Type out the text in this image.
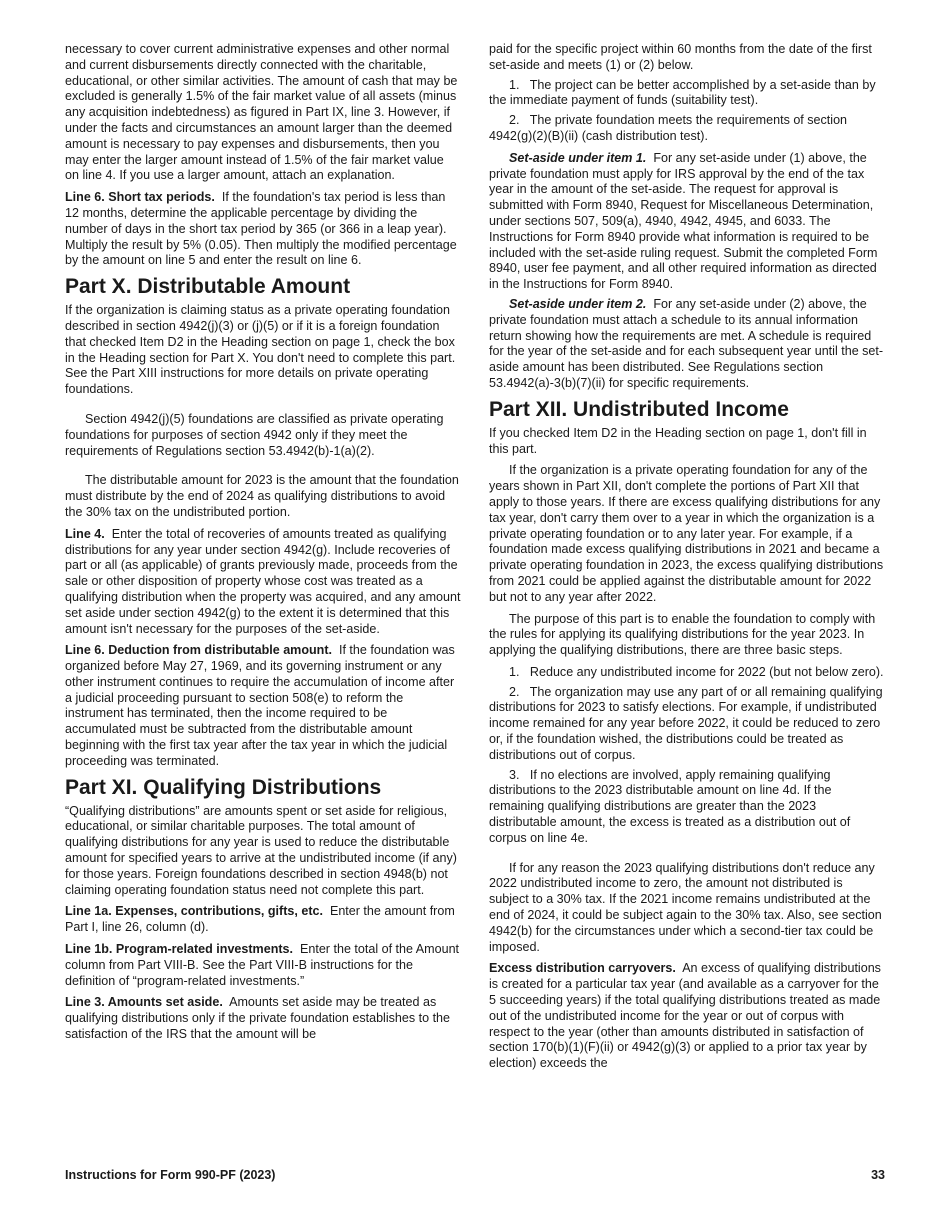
necessary to cover current administrative expenses and other normal and current disbursements directly connected with the charitable, educational, or other similar activities. The amount of cash that may be excluded is generally 1.5% of the fair market value of all assets (minus any acquisition indebtedness) as figured in Part IX, line 3. However, if under the facts and circumstances an amount larger than the deemed amount is necessary to pay expenses and disbursements, then you may enter the larger amount instead of 1.5% of the fair market value on line 4. If you use a larger amount, attach an explanation.

Line 6. Short tax periods. If the foundation's tax period is less than 12 months, determine the applicable percentage by dividing the number of days in the short tax period by 365 (or 366 in a leap year). Multiply the result by 5% (0.05). Then multiply the modified percentage by the amount on line 5 and enter the result on line 6.

Part X. Distributable Amount

If the organization is claiming status as a private operating foundation described in section 4942(j)(3) or (j)(5) or if it is a foreign foundation that checked Item D2 in the Heading section on page 1, check the box in the Heading section for Part X. You don't need to complete this part. See the Part XIII instructions for more details on private operating foundations.

Section 4942(j)(5) foundations are classified as private operating foundations for purposes of section 4942 only if they meet the requirements of Regulations section 53.4942(b)-1(a)(2).

The distributable amount for 2023 is the amount that the foundation must distribute by the end of 2024 as qualifying distributions to avoid the 30% tax on the undistributed portion.

Line 4. Enter the total of recoveries of amounts treated as qualifying distributions for any year under section 4942(g). Include recoveries of part or all (as applicable) of grants previously made, proceeds from the sale or other disposition of property whose cost was treated as a qualifying distribution when the property was acquired, and any amount set aside under section 4942(g) to the extent it is determined that this amount isn't necessary for the purposes of the set-aside.

Line 6. Deduction from distributable amount. If the foundation was organized before May 27, 1969, and its governing instrument or any other instrument continues to require the accumulation of income after a judicial proceeding pursuant to section 508(e) to reform the instrument has terminated, then the income required to be accumulated must be subtracted from the distributable amount beginning with the first tax year after the tax year in which the judicial proceeding was terminated.

Part XI. Qualifying Distributions

“Qualifying distributions” are amounts spent or set aside for religious, educational, or similar charitable purposes. The total amount of qualifying distributions for any year is used to reduce the distributable amount for specified years to arrive at the undistributed income (if any) for those years. Foreign foundations described in section 4948(b) not claiming operating foundation status need not complete this part.

Line 1a. Expenses, contributions, gifts, etc. Enter the amount from Part I, line 26, column (d).

Line 1b. Program-related investments. Enter the total of the Amount column from Part VIII-B. See the Part VIII-B instructions for the definition of “program-related investments.”

Line 3. Amounts set aside. Amounts set aside may be treated as qualifying distributions only if the private foundation establishes to the satisfaction of the IRS that the amount will be

paid for the specific project within 60 months from the date of the first set-aside and meets (1) or (2) below.

1.   The project can be better accomplished by a set-aside than by the immediate payment of funds (suitability test).

2.   The private foundation meets the requirements of section 4942(g)(2)(B)(ii) (cash distribution test).

Set-aside under item 1. For any set-aside under (1) above, the private foundation must apply for IRS approval by the end of the tax year in the amount of the set-aside. The request for approval is submitted with Form 8940, Request for Miscellaneous Determination, under sections 507, 509(a), 4940, 4942, 4945, and 6033. The Instructions for Form 8940 provide what information is required to be included with the set-aside ruling request. Submit the completed Form 8940, user fee payment, and all other required information as directed in the Instructions for Form 8940.

Set-aside under item 2. For any set-aside under (2) above, the private foundation must attach a schedule to its annual information return showing how the requirements are met. A schedule is required for the year of the set-aside and for each subsequent year until the set-aside amount has been distributed. See Regulations section 53.4942(a)-3(b)(7)(ii) for specific requirements.

Part XII. Undistributed Income

If you checked Item D2 in the Heading section on page 1, don't fill in this part.

If the organization is a private operating foundation for any of the years shown in Part XII, don't complete the portions of Part XII that apply to those years. If there are excess qualifying distributions for any tax year, don't carry them over to a year in which the organization is a private operating foundation or to any later year. For example, if a foundation made excess qualifying distributions in 2021 and became a private operating foundation in 2023, the excess qualifying distributions from 2021 could be applied against the distributable amount for 2022 but not to any year after 2022.

The purpose of this part is to enable the foundation to comply with the rules for applying its qualifying distributions for the year 2023. In applying the qualifying distributions, there are three basic steps.

1.   Reduce any undistributed income for 2022 (but not below zero).

2.   The organization may use any part of or all remaining qualifying distributions for 2023 to satisfy elections. For example, if undistributed income remained for any year before 2022, it could be reduced to zero or, if the foundation wished, the distributions could be treated as distributions out of corpus.

3.   If no elections are involved, apply remaining qualifying distributions to the 2023 distributable amount on line 4d. If the remaining qualifying distributions are greater than the 2023 distributable amount, the excess is treated as a distribution out of corpus on line 4e.

If for any reason the 2023 qualifying distributions don't reduce any 2022 undistributed income to zero, the amount not distributed is subject to a 30% tax. If the 2021 income remains undistributed at the end of 2024, it could be subject again to the 30% tax. Also, see section 4942(b) for the circumstances under which a second-tier tax could be imposed.

Excess distribution carryovers. An excess of qualifying distributions is created for a particular tax year (and available as a carryover for the 5 succeeding years) if the total qualifying distributions treated as made out of the undistributed income for the year or out of corpus with respect to the year (other than amounts distributed in satisfaction of section 170(b)(1)(F)(ii) or 4942(g)(3) or applied to a prior tax year by election) exceeds the

Instructions for Form 990-PF (2023)	33
